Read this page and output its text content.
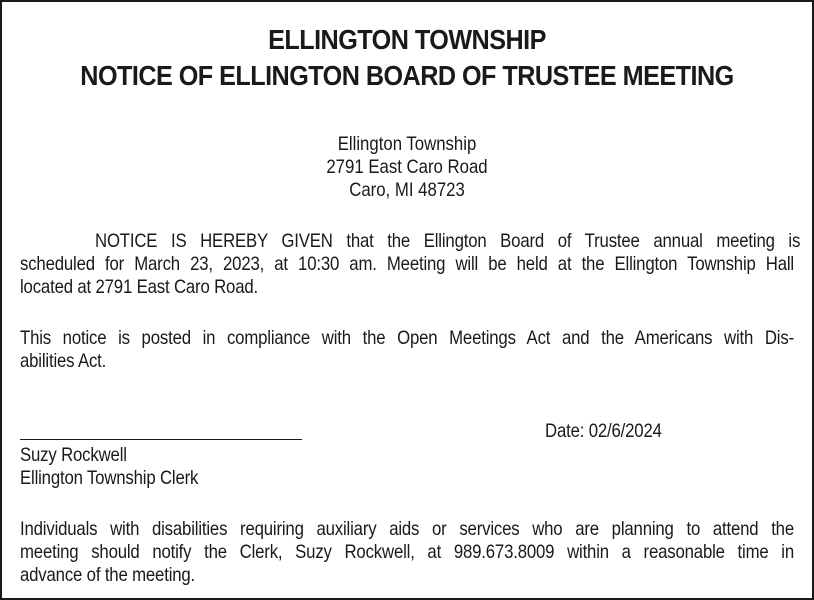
ELLINGTON TOWNSHIP
NOTICE OF ELLINGTON BOARD OF TRUSTEE MEETING
Ellington Township
2791 East Caro Road
Caro, MI 48723
NOTICE IS HEREBY GIVEN that the Ellington Board of Trustee annual meeting is
scheduled for March 23, 2023, at 10:30 am. Meeting will be held at the Ellington Township Hall
located at 2791 East Caro Road.
This notice is posted in compliance with the Open Meetings Act and the Americans with Dis-
abilities Act.
Date: 02/6/2024
Suzy Rockwell
Ellington Township Clerk
Individuals with disabilities requiring auxiliary aids or services who are planning to attend the
meeting should notify the Clerk, Suzy Rockwell, at 989.673.8009 within a reasonable time in
advance of the meeting.
